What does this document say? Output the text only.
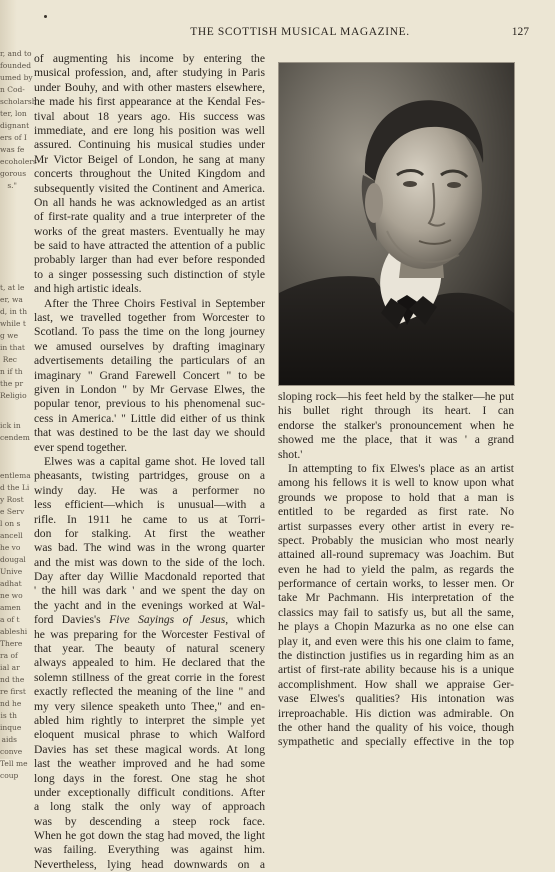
r, and to
founded
umed by
n Cod-
scholarsh
ter, lon
dignant
ers of I
was fe
ecoholers
gorous
s."
t, at le
er, wa
d, in th
while t
g we
in that
Rec
n if th
the pr
Religio
ick in
cendem
entlema
d the Li
y Rost
e Serv
l on s
ancell
he vo
dougal
Unive
adhat
ne wo
amen
a of t
ableshi
There
ra of
ial ar
nd the
re first
nd he
is th
inque
aids
conve
Tell me
coup
THE SCOTTISH MUSICAL MAGAZINE.	127
of augmenting his income by entering the
musical profession, and, after studying in Paris
under Bouhy, and with other masters elsewhere,
he made his first appearance at the Kendal Fes-
tival about 18 years ago. His success was
immediate, and ere long his position was well
assured. Continuing his musical studies under
Mr Victor Beigel of London, he sang at many
concerts throughout the United Kingdom and
subsequently visited the Continent and America.
On all hands he was acknowledged as an artist
of first-rate quality and a true interpreter of the
works of the great masters. Eventually he may
be said to have attracted the attention of a public
probably larger than had ever before responded
to a singer possessing such distinction of style
and high artistic ideals.
After the Three Choirs Festival in September
last, we travelled together from Worcester to
Scotland. To pass the time on the long journey
we amused ourselves by drafting imaginary
advertisements detailing the particulars of an
imaginary " Grand Farewell Concert " to be
given in London " by Mr Gervase Elwes, the
popular tenor, previous to his phenomenal suc-
cess in America.' " Little did either of us think
that was destined to be the last day we should
ever spend together.
Elwes was a capital game shot. He loved tall
pheasants, twisting partridges, grouse on a
windy day. He was a performer no
less efficient—which is unusual—with a
rifle. In 1911 he came to us at Torri-
don for stalking. At first the weather
was bad. The wind was in the wrong quarter
and the mist was down to the side of the loch.
Day after day Willie Macdonald reported that
' the hill was dark ' and we spent the day on
the yacht and in the evenings worked at Wal-
ford Davies's Five Sayings of Jesus, which
he was preparing for the Worcester Festival of
that year. The beauty of natural scenery
always appealed to him. He declared that the
solemn stillness of the great corrie in the forest
exactly reflected the meaning of the line " and
my very silence speaketh unto Thee," and en-
abled him rightly to interpret the simple yet
eloquent musical phrase to which Walford
Davies has set these magical words. At long
last the weather improved and he had some
long days in the forest. One stag he shot
under exceptionally difficult conditions. After
a long stalk the only way of approach
was by descending a steep rock face.
When he got down the stag had moved, the light
was failing. Everything was against him.
Nevertheless, lying head downwards on a
sloping rock—his feet held by the stalker—he put
his bullet right through its heart. I can
endorse the stalker's pronouncement when he
showed me the place, that it was ' a grand
shot.'
In attempting to fix Elwes's place as an artist
among his fellows it is well to know upon what
grounds we propose to hold that a man is
entitled to be regarded as first rate. No
artist surpasses every other artist in every re-
spect. Probably the musician who most nearly
attained all-round supremacy was Joachim. But
even he had to yield the palm, as regards the
performance of certain works, to lesser men. Or
take Mr Pachmann. His interpretation of the
classics may fail to satisfy us, but all the same,
he plays a Chopin Mazurka as no one else can
play it, and even were this his one claim to fame,
the distinction justifies us in regarding him as an
artist of first-rate ability because his is a unique
accomplishment. How shall we appraise Ger-
vase Elwes's qualities? His intonation was
irreproachable. His diction was admirable. On
the other hand the quality of his voice, though
sympathetic and specially effective in the top
